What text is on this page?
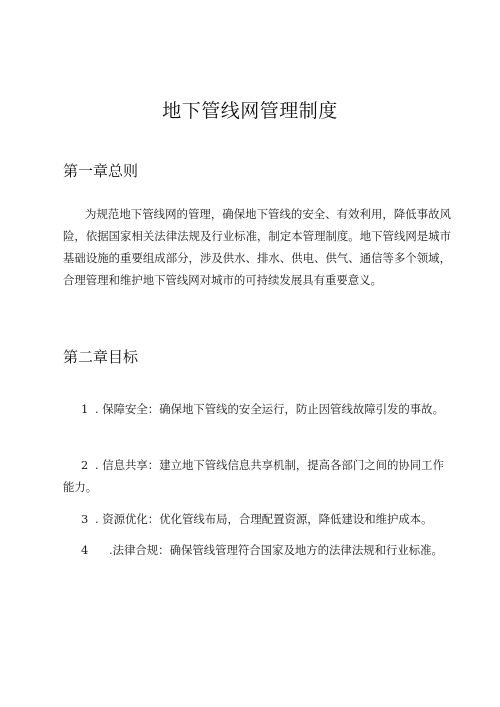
地下管线网管理制度
第一章总则

为规范地下管线网的管理，确保地下管线的安全、有效利用，降低事故风险，依据国家相关法律法规及行业标准，制定本管理制度。地下管线网是城市基础设施的重要组成部分，涉及供水、排水、供电、供气、通信等多个领域，合理管理和维护地下管线网对城市的可持续发展具有重要意义。

第二章目标

1 . 保障安全：确保地下管线的安全运行，防止因管线故障引发的事故。

2 . 信息共享：建立地下管线信息共享机制，提高各部门之间的协同工作能力。

3 . 资源优化：优化管线布局，合理配置资源，降低建设和维护成本。

4 .法律合规：确保管线管理符合国家及地方的法律法规和行业标准。
